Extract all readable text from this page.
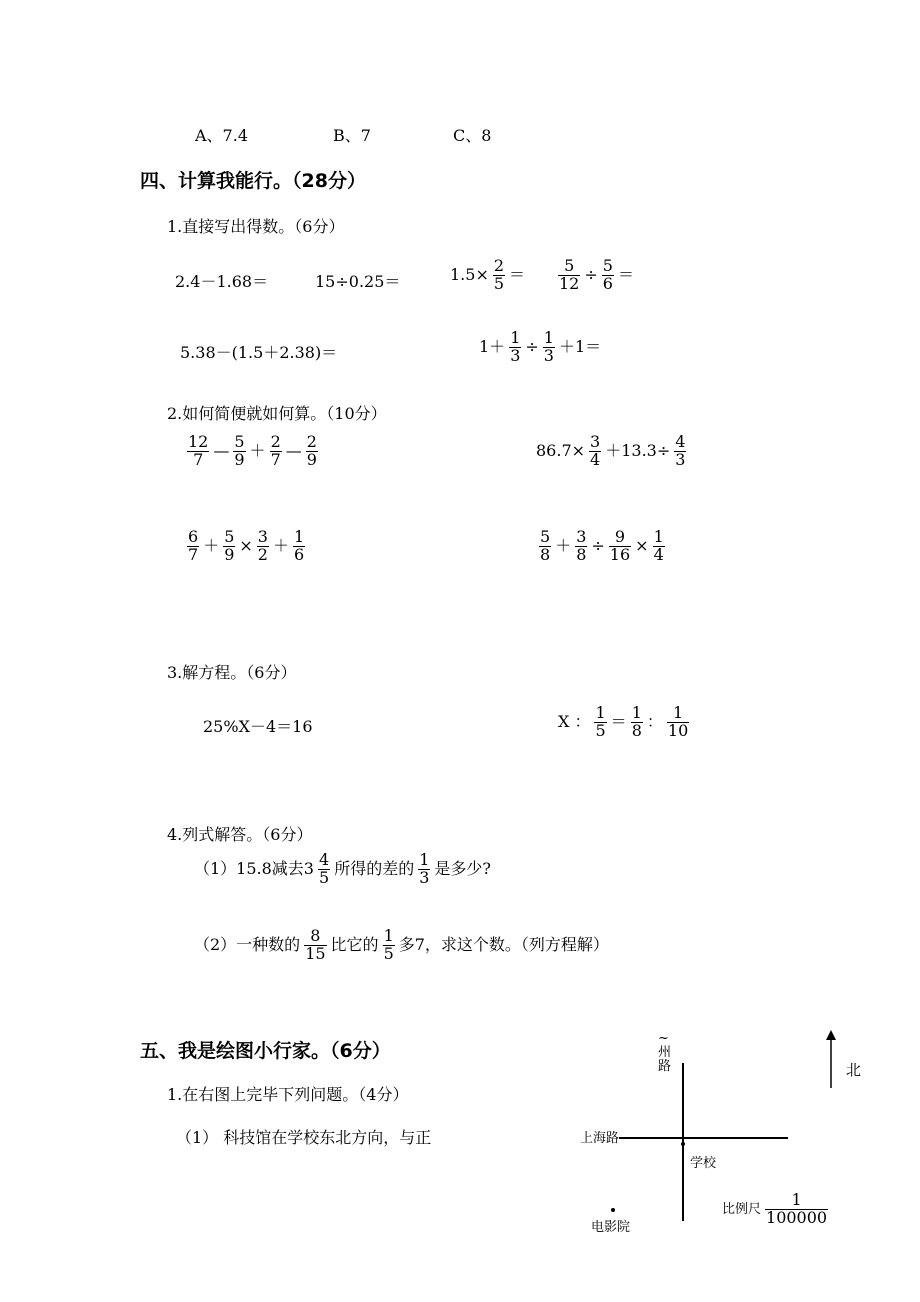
A、7.4	B、7	C、8
四、计算我能行。（28分）
1.直接写出得数。（6分）
2.4－1.68＝	15÷0.25＝	$1.5\times \frac{2}{5} = \frac{5}{12} \div \frac{5}{6}$ ＝
5.38－(1.5＋2.38)＝	$1+ \frac{1}{3} \div \frac{1}{3} +1=$
2.如何简便就如何算。（10分）
$\frac{12}{7}$ — $\frac{5}{9} + \frac{2}{7}$ — $\frac{2}{9}$	$86.7\times \frac{3}{4} +13.3\div \frac{4}{3}$
$\frac{6}{7} + \frac{5}{9} \times \frac{3}{2} + \frac{1}{6}$	$\frac{5}{8} + \frac{3}{8} \div \frac{9}{16} \times \frac{1}{4}$
3.解方程。（6分）
25%X－4＝16	X ： $\frac{1}{5} = \frac{1}{8}$ ： $\frac{1}{10}$
4.列式解答。（6分）
（1）15.8减去$3 \frac{4}{5}$ 所得的差的 $\frac{1}{3}$ 是多少?
（2）一种数的 $\frac{8}{15}$ 比它的 $\frac{1}{5}$ 多7，求这个数。（列方程解）
五、我是绘图小行家。（6分）
1.在右图上完毕下列问题。（4分）
（1） 科技馆在学校东北方向，与正
~ 州 路
上海路
学校
电影院
北
比例尺 $\frac{1}{100000}$
